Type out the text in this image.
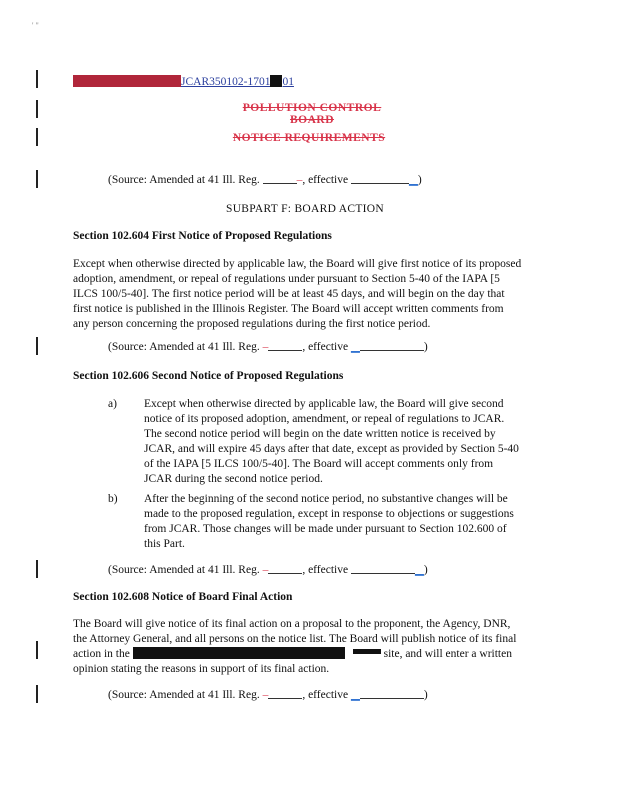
' "
JCAR350102-1701 01
POLLUTION CONTROL BOARD
NOTICE REQUIREMENTS
(Source: Amended at 41 Ill. Reg.	–, effective	▁)
SUBPART F: BOARD ACTION
Section 102.604 First Notice of Proposed Regulations
Except when otherwise directed by applicable law, the Board will give first notice of its proposed
adoption, amendment, or repeal of regulations under pursuant to Section 5-40 of the IAPA [5
ILCS 100/5-40]. The first notice period will be at least 45 days, and will begin on the day that
first notice is published in the Illinois Register. The Board will accept written comments from
any person concerning the proposed regulations during the first notice period.
(Source: Amended at 41 Ill. Reg. –	, effective ▁	)
Section 102.606 Second Notice of Proposed Regulations
a) Except when otherwise directed by applicable law, the Board will give second
notice of its proposed adoption, amendment, or repeal of regulations to JCAR.
The second notice period will begin on the date written notice is received by
JCAR, and will expire 45 days after that date, except as provided by Section 5-40
of the IAPA [5 ILCS 100/5-40]. The Board will accept comments only from
JCAR during the second notice period.
b) After the beginning of the second notice period, no substantive changes will be
made to the proposed regulation, except in response to objections or suggestions
from JCAR. Those changes will be made under pursuant to Section 102.600 of
this Part.
(Source: Amended at 41 Ill. Reg. –	, effective	▁)
Section 102.608 Notice of Board Final Action
The Board will give notice of its final action on a proposal to the proponent, the Agency, DNR,
the Attorney General, and all persons on the notice list. The Board will publish notice of its final
action in the	site, and will enter a written
opinion stating the reasons in support of its final action.
(Source: Amended at 41 Ill. Reg. –	, effective ▁	)
